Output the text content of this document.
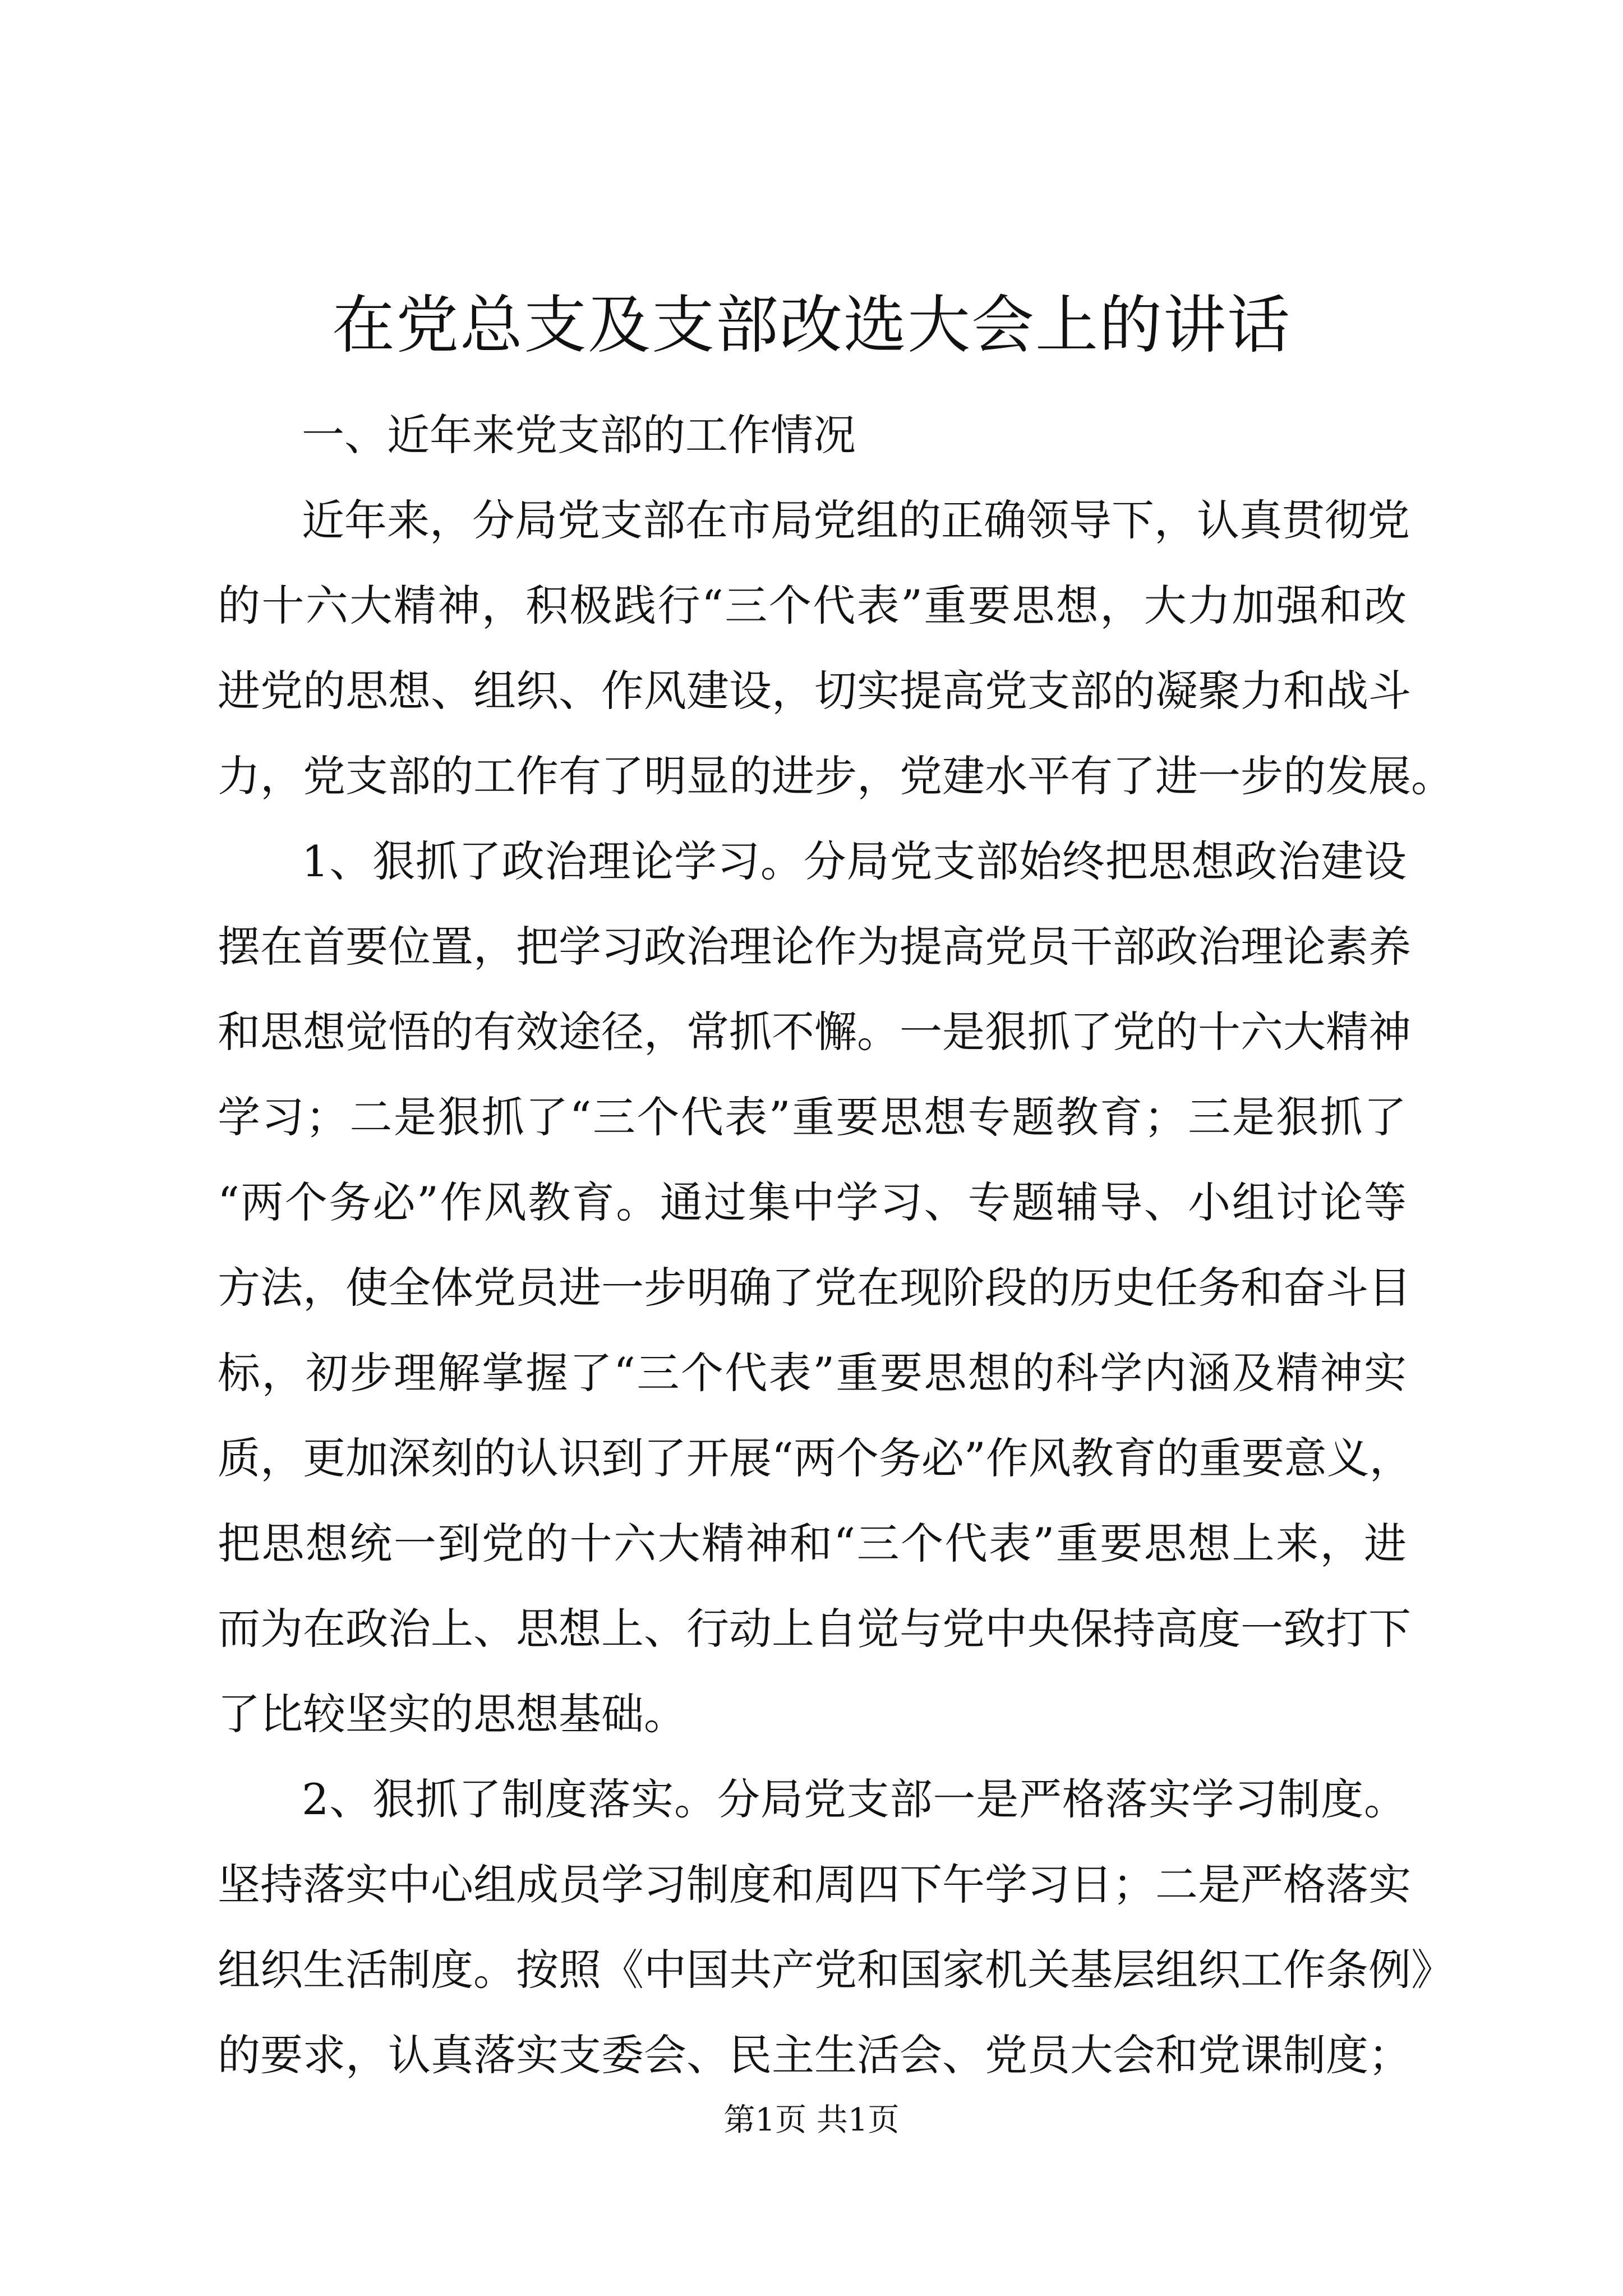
在党总支及支部改选大会上的讲话

一、近年来党支部的工作情况

近年来，分局党支部在市局党组的正确领导下，认真贯彻党
的十六大精神，积极践行“三个代表”重要思想，大力加强和改
进党的思想、组织、作风建设，切实提高党支部的凝聚力和战斗
力，党支部的工作有了明显的进步，党建水平有了进一步的发展。

1、狠抓了政治理论学习。分局党支部始终把思想政治建设
摆在首要位置，把学习政治理论作为提高党员干部政治理论素养
和思想觉悟的有效途径，常抓不懈。一是狠抓了党的十六大精神
学习；二是狠抓了“三个代表”重要思想专题教育；三是狠抓了
“两个务必”作风教育。通过集中学习、专题辅导、小组讨论等
方法，使全体党员进一步明确了党在现阶段的历史任务和奋斗目
标，初步理解掌握了“三个代表”重要思想的科学内涵及精神实
质，更加深刻的认识到了开展“两个务必”作风教育的重要意义，
把思想统一到党的十六大精神和“三个代表”重要思想上来，进
而为在政治上、思想上、行动上自觉与党中央保持高度一致打下
了比较坚实的思想基础。

2、狠抓了制度落实。分局党支部一是严格落实学习制度。
坚持落实中心组成员学习制度和周四下午学习日；二是严格落实
组织生活制度。按照《中国共产党和国家机关基层组织工作条例》
的要求，认真落实支委会、民主生活会、党员大会和党课制度；

第1页 共1页
